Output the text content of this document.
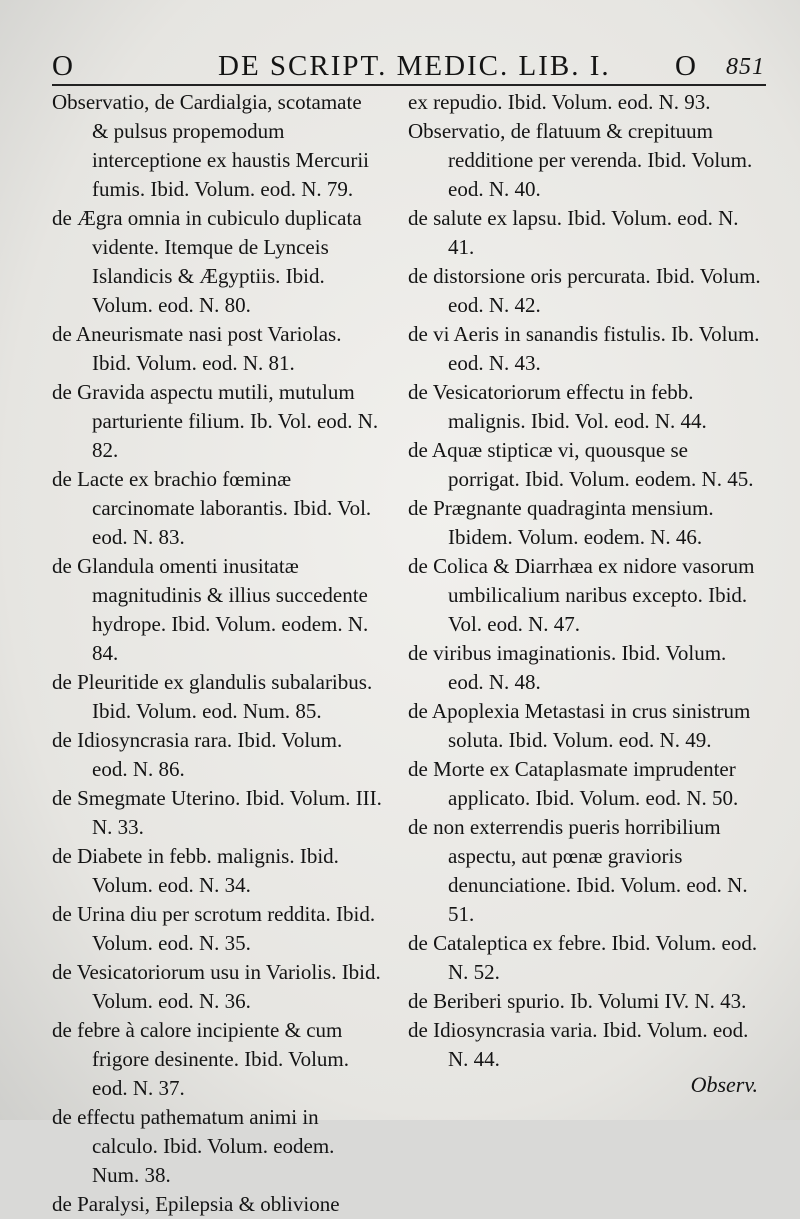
O	DE SCRIPT. MEDIC. LIB. I. O 851

Observatio, de Cardialgia, scotamate & pulsus propemodum interceptione ex haustis Mercurii fumis. Ibid. Volum. eod. N. 79.

de Ægra omnia in cubiculo duplicata vidente. Itemque de Lynceis Islandicis & Ægyptiis. Ibid. Volum. eod. N. 80.

de Aneurismate nasi post Variolas. Ibid. Volum. eod. N. 81.

de Gravida aspectu mutili, mutulum parturiente filium. Ib. Vol. eod. N. 82.

de Lacte ex brachio fœminæ carcinomate laborantis. Ibid. Vol. eod. N. 83.

de Glandula omenti inusitatæ magnitudinis & illius succedente hydrope. Ibid. Volum. eodem. N. 84.

de Pleuritide ex glandulis subalaribus. Ibid. Volum. eod. Num. 85.

de Idiosyncrasia rara. Ibid. Volum. eod. N. 86.

de Smegmate Uterino. Ibid. Volum. III. N. 33.

de Diabete in febb. malignis. Ibid. Volum. eod. N. 34.

de Urina diu per scrotum reddita. Ibid. Volum. eod. N. 35.

de Vesicatoriorum usu in Variolis. Ibid. Volum. eod. N. 36.

de febre à calore incipiente & cum frigore desinente. Ibid. Volum. eod. N. 37.

de effectu pathematum animi in calculo. Ibid. Volum. eodem. Num. 38.

de Paralysi, Epilepsia & oblivione

ex repudio. Ibid. Volum. eod. N. 93.

Observatio, de flatuum & crepituum redditione per verenda. Ibid. Volum. eod. N. 40.

de salute ex lapsu. Ibid. Volum. eod. N. 41.

de distorsione oris percurata. Ibid. Volum. eod. N. 42.

de vi Aeris in sanandis fistulis. Ib. Volum. eod. N. 43.

de Vesicatoriorum effectu in febb. malignis. Ibid. Vol. eod. N. 44.

de Aquæ stipticæ vi, quousque se porrigat. Ibid. Volum. eodem. N. 45.

de Prægnante quadraginta mensium. Ibidem. Volum. eodem. N. 46.

de Colica & Diarrhæa ex nidore vasorum umbilicalium naribus excepto. Ibid. Vol. eod. N. 47.

de viribus imaginationis. Ibid. Volum. eod. N. 48.

de Apoplexia Metastasi in crus sinistrum soluta. Ibid. Volum. eod. N. 49.

de Morte ex Cataplasmate imprudenter applicato. Ibid. Volum. eod. N. 50.

de non exterrendis pueris horribilium aspectu, aut pœnæ gravioris denunciatione. Ibid. Volum. eod. N. 51.

de Cataleptica ex febre. Ibid. Volum. eod. N. 52.

de Beriberi spurio. Ib. Volumi IV. N. 43.

de Idiosyncrasia varia. Ibid. Volum. eod. N. 44.

Observ.
